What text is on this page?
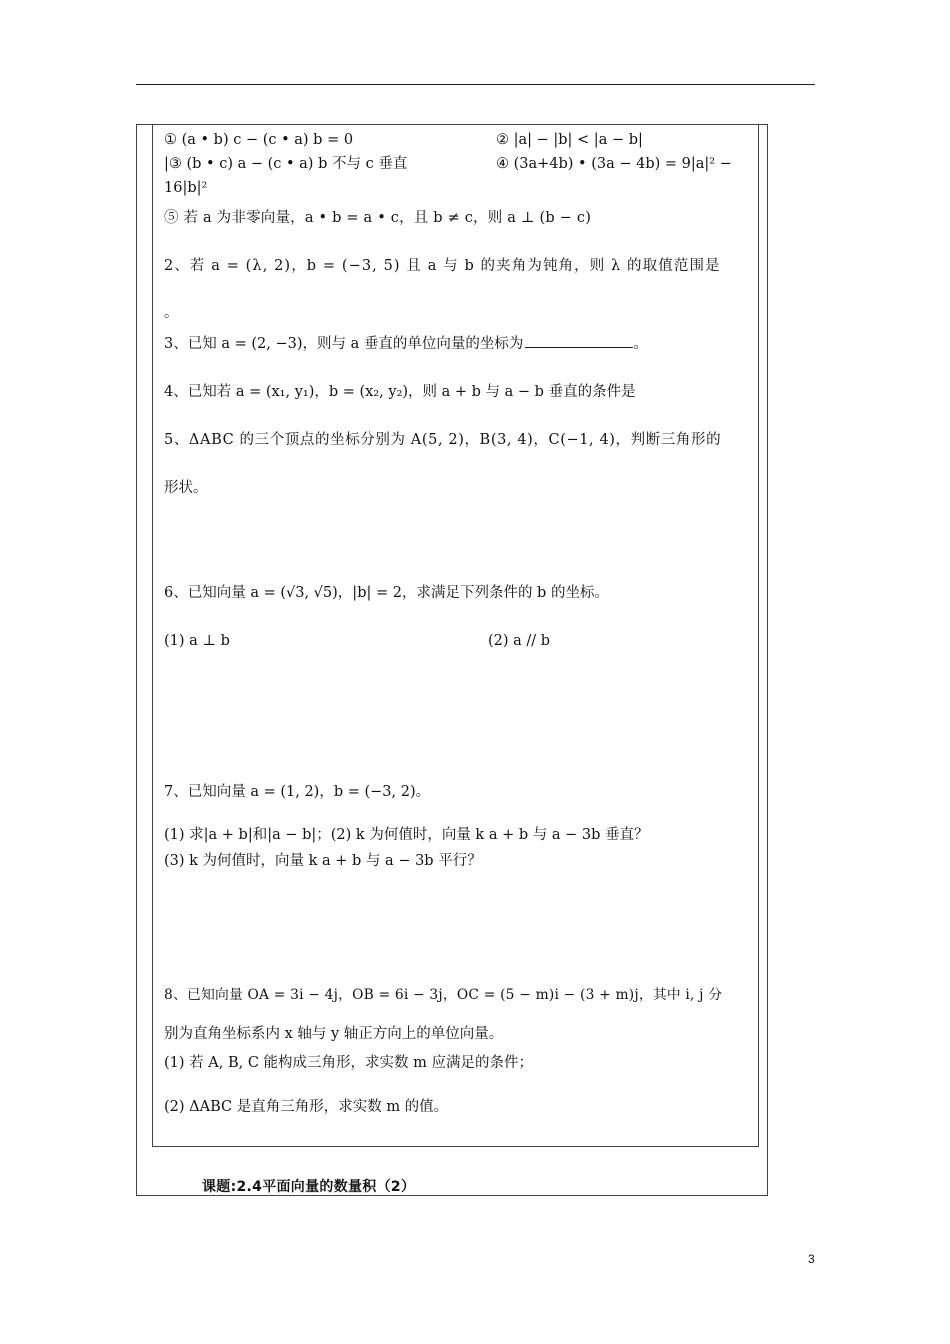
① (a • b) c − (c • a) b = 0	② |a| − |b| < |a − b|
|③ (b • c) a − (c • a) b 不与 c 垂直	④ (3a+4b) • (3a − 4b) = 9|a|² −
16|b|²
⑤ 若 a 为非零向量，a • b = a • c，且 b ≠ c，则 a ⊥ (b − c)
2、若 a = (λ, 2)，b = (−3, 5) 且 a 与 b 的夹角为钝角，则 λ 的取值范围是
。
3、已知 a = (2, −3)，则与 a 垂直的单位向量的坐标为	。
4、已知若 a = (x₁, y₁)，b = (x₂, y₂)，则 a + b 与 a − b 垂直的条件是
5、ΔABC 的三个顶点的坐标分别为 A(5, 2)，B(3, 4)，C(−1, 4)，判断三角形的
形状。
6、已知向量 a = (√3, √5)，|b| = 2，求满足下列条件的 b 的坐标。
(1) a ⊥ b	(2) a // b
7、已知向量 a = (1, 2)，b = (−3, 2)。
(1) 求|a + b|和|a − b|；(2) k 为何值时，向量 k a + b 与 a − 3b 垂直？
(3) k 为何值时，向量 k a + b 与 a − 3b 平行？
8、已知向量 OA = 3i − 4j，OB = 6i − 3j，OC = (5 − m)i − (3 + m)j，其中 i, j 分
别为直角坐标系内 x 轴与 y 轴正方向上的单位向量。
(1) 若 A, B, C 能构成三角形，求实数 m 应满足的条件；
(2) ΔABC 是直角三角形，求实数 m 的值。
课题:2.4平面向量的数量积（2）
3
